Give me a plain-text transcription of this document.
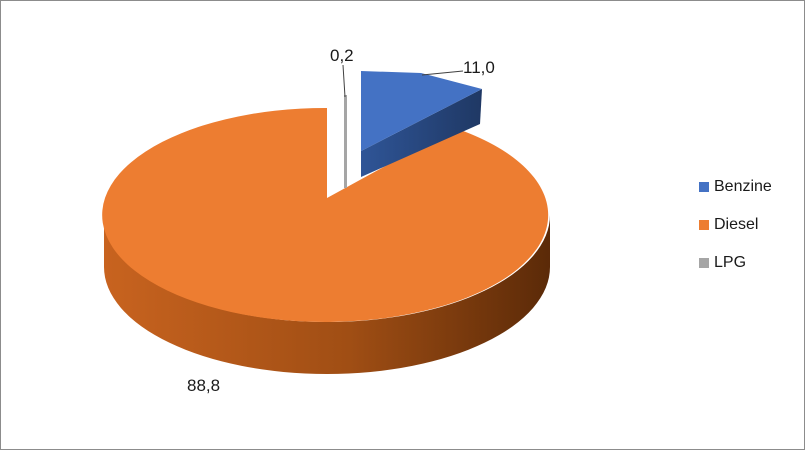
0,2
11,0
88,8
Benzine
Diesel
LPG
